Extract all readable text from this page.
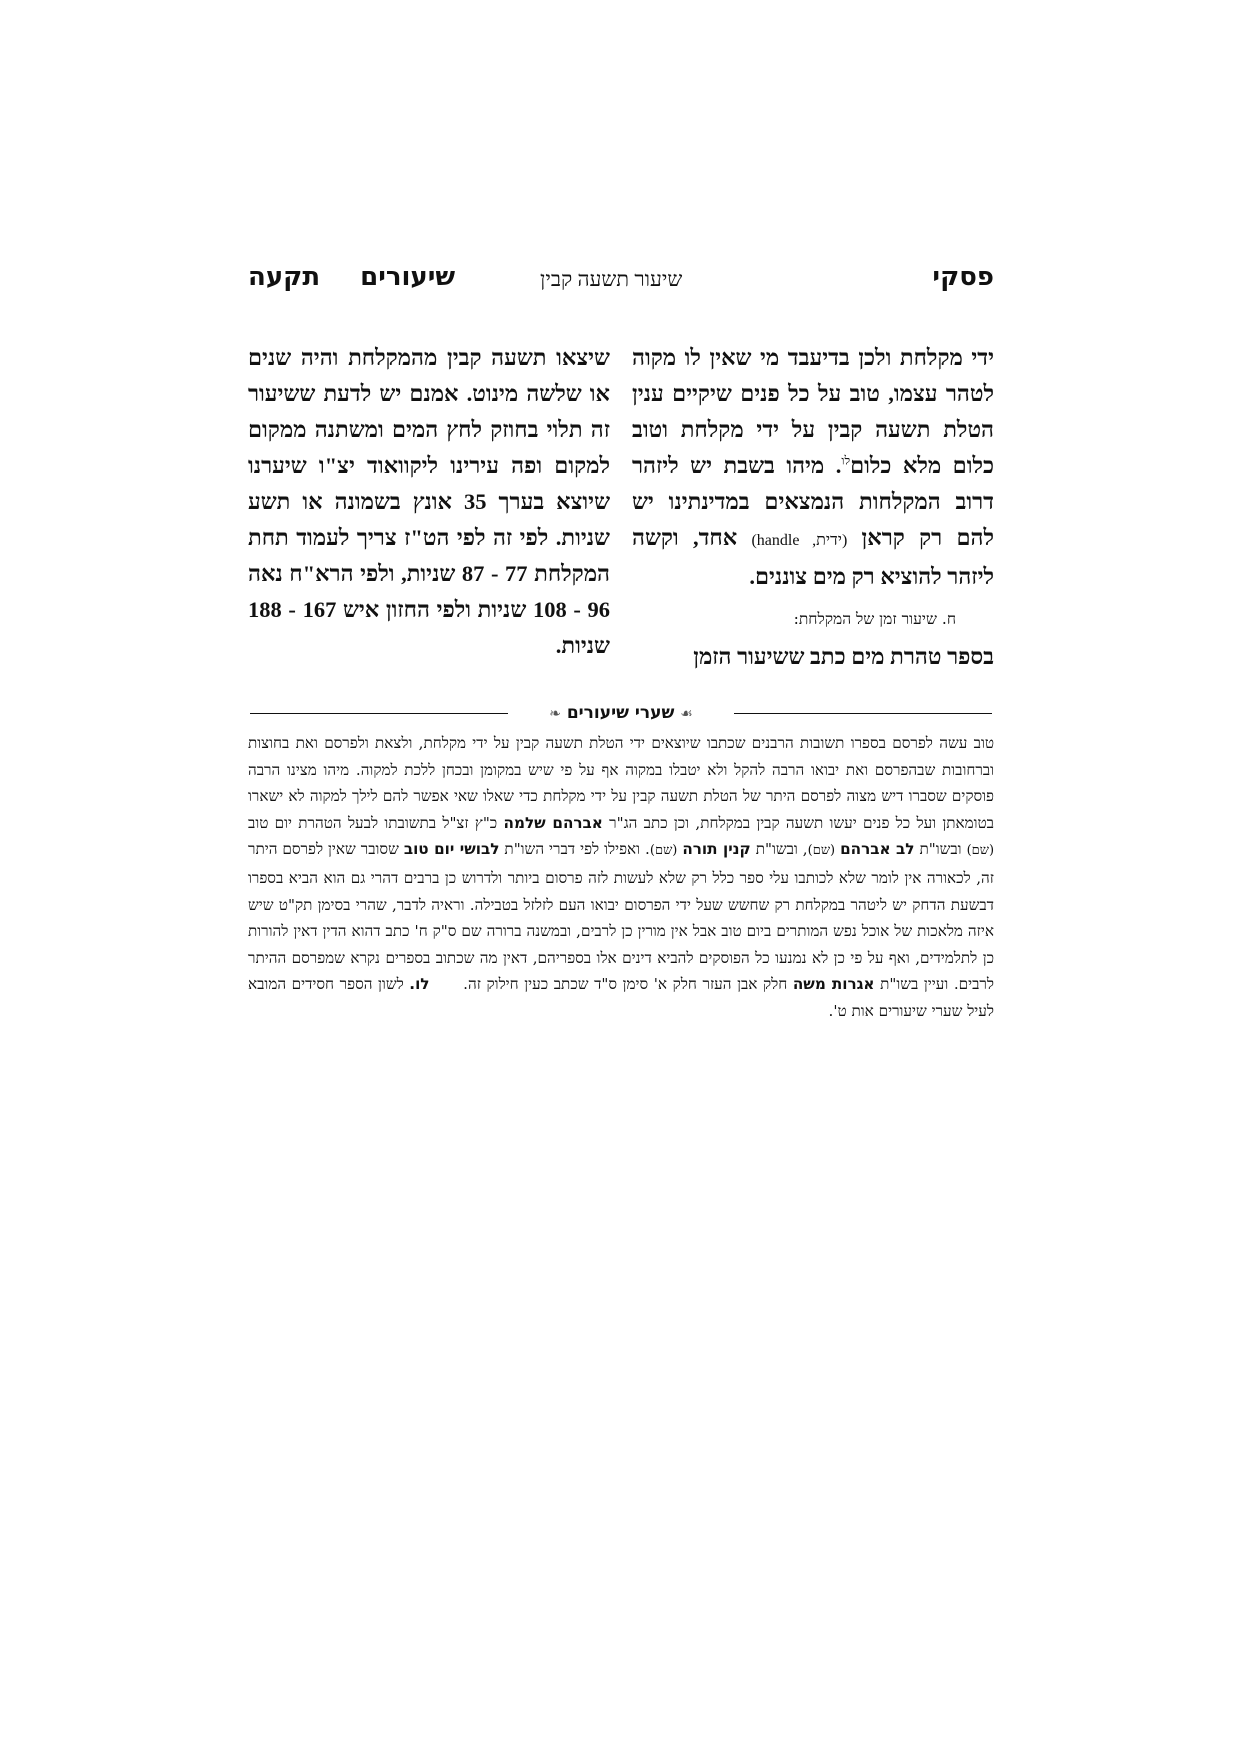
פסקי
שיעור תשעה קבין
תקעה שיעורים

ידי מקלחת ולכן בדיעבד מי שאין לו מקוה לטהר עצמו, טוב על כל פנים שיקיים ענין הטלת תשעה קבין על ידי מקלחת וטוב כלום מלא כלום$^{לו}$. מיהו בשבת יש ליזהר דרוב המקלחות הנמצאים במדינתינו יש להם רק קראן (ידית, handle) אחד, וקשה ליזהר להוציא רק מים צוננים.

ח. שיעור זמן של המקלחת:

בספר טהרת מים כתב ששיעור הזמן

שיצאו תשעה קבין מהמקלחת והיה שנים או שלשה מינוט. אמנם יש לדעת ששיעור זה תלוי בחוזק לחץ המים ומשתנה ממקום למקום ופה עירינו ליקוואוד יצ"ו שיערנו שיוצא בערך 35 אונץ בשמונה או תשע שניות. לפי זה לפי הט"ז צריך לעמוד תחת המקלחת 77 - 87 שניות, ולפי הרא"ח נאה 96 - 108 שניות ולפי החזון איש 167 - 188 שניות.

☙ שערי שיעורים ❧

טוב עשה לפרסם בספרו תשובות הרבנים שכתבו שיוצאים ידי הטלת תשעה קבין על ידי מקלחת, ולצאת ולפרסם ואת בחוצות וברחובות שבהפרסם ואת יבואו הרבה להקל ולא יטבלו במקוה אף על פי שיש במקומן ובכחן ללכת למקוה. מיהו מצינו הרבה פוסקים שסברו דיש מצוה לפרסם היתר של הטלת תשעה קבין על ידי מקלחת כדי שאלו שאי אפשר להם לילך למקוה לא ישארו בטומאתן ועל כל פנים יעשו תשעה קבין במקלחת, וכן כתב הג"ר אברהם שלמה כ"ץ זצ"ל בתשובתו לבעל הטהרת יום טוב (שם) ובשו"ת לב אברהם (שם), ובשו"ת קנין תורה (שם). ואפילו לפי דברי השו"ת לבושי יום טוב שסובר שאין לפרסם היתר זה, לכאורה אין לומר שלא לכותבו עלי ספר כלל רק שלא לעשות לזה פרסום ביותר ולדרוש כן ברבים דהרי גם הוא הביא בספרו דבשעת הדחק יש ליטהר במקלחת רק שחשש שעל ידי הפרסום יבואו העם לזלזל בטבילה. וראיה לדבר, שהרי בסימן תק"ט שיש איזה מלאכות של אוכל נפש המותרים ביום טוב אבל אין מורין כן לרבים, ובמשנה ברורה שם ס"ק ח' כתב דהוא הדין דאין להורות כן לתלמידים, ואף על פי כן לא נמנעו כל הפוסקים להביא דינים אלו בספריהם, דאין מה שכתוב בספרים נקרא שמפרסם ההיתר לרבים. ועיין בשו"ת אגרות משה חלק אבן העזר חלק א' סימן ס"ד שכתב כעין חילוק זה.      לו. לשון הספר חסידים המובא לעיל שערי שיעורים אות ט'.
